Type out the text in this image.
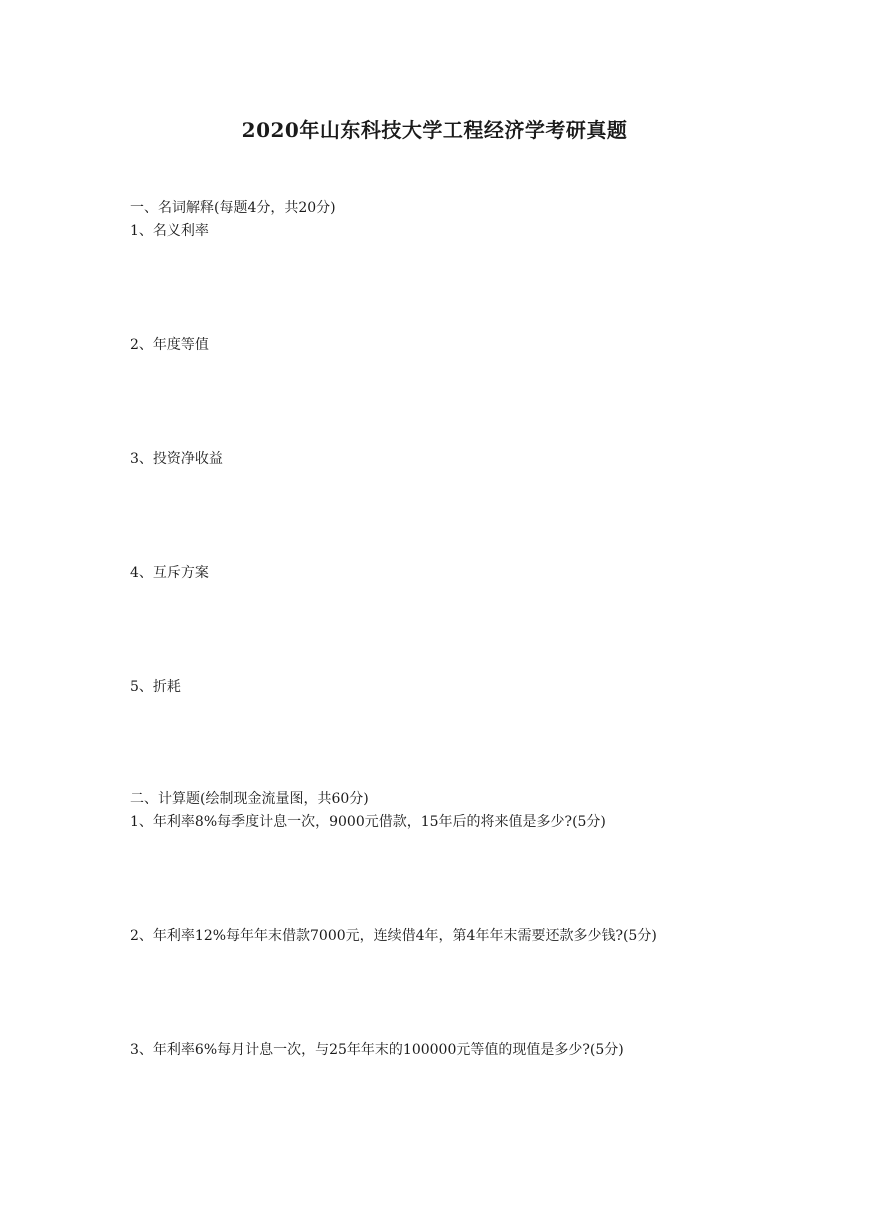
2020年山东科技大学工程经济学考研真题

一、名词解释(每题4分，共20分)

1、名义利率

2、年度等值

3、投资净收益

4、互斥方案

5、折耗

二、计算题(绘制现金流量图，共60分)

1、年利率8%每季度计息一次，9000元借款，15年后的将来值是多少?(5分)

2、年利率12%每年年末借款7000元，连续借4年，第4年年末需要还款多少钱?(5分)

3、年利率6%每月计息一次，与25年年末的100000元等值的现值是多少?(5分)
